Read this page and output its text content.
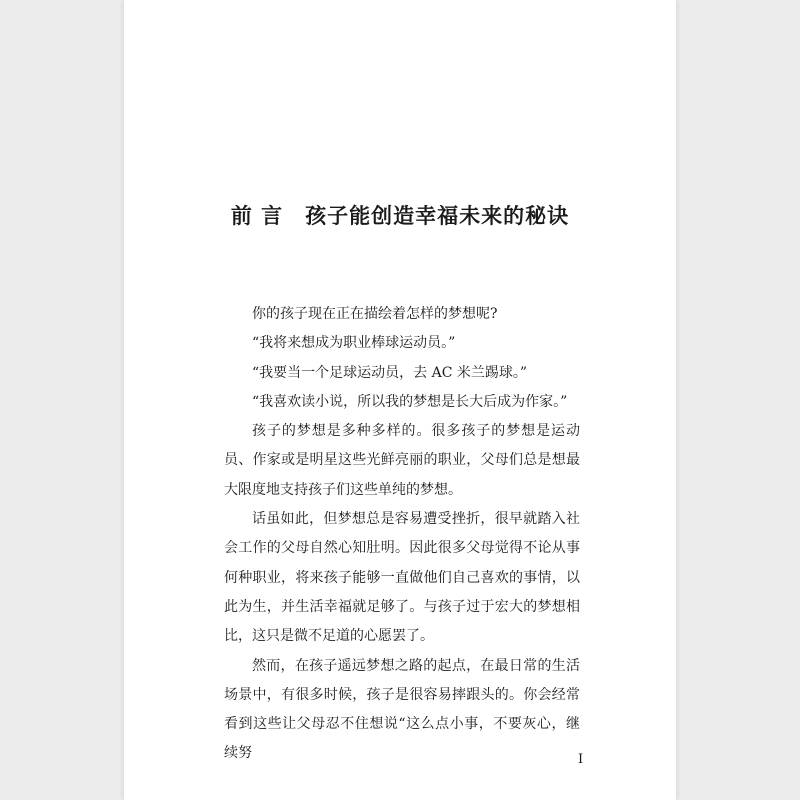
前 言 孩子能创造幸福未来的秘诀

你的孩子现在正在描绘着怎样的梦想呢?

“我将来想成为职业棒球运动员。”

“我要当一个足球运动员，去 AC 米兰踢球。”

“我喜欢读小说，所以我的梦想是长大后成为作家。”

孩子的梦想是多种多样的。很多孩子的梦想是运动员、作家或是明星这些光鲜亮丽的职业，父母们总是想最大限度地支持孩子们这些单纯的梦想。

话虽如此，但梦想总是容易遭受挫折，很早就踏入社会工作的父母自然心知肚明。因此很多父母觉得不论从事何种职业，将来孩子能够一直做他们自己喜欢的事情，以此为生，并生活幸福就足够了。与孩子过于宏大的梦想相比，这只是微不足道的心愿罢了。

然而，在孩子遥远梦想之路的起点，在最日常的生活场景中，有很多时候，孩子是很容易摔跟头的。你会经常看到这些让父母忍不住想说“这么点小事，不要灰心，继续努	I
